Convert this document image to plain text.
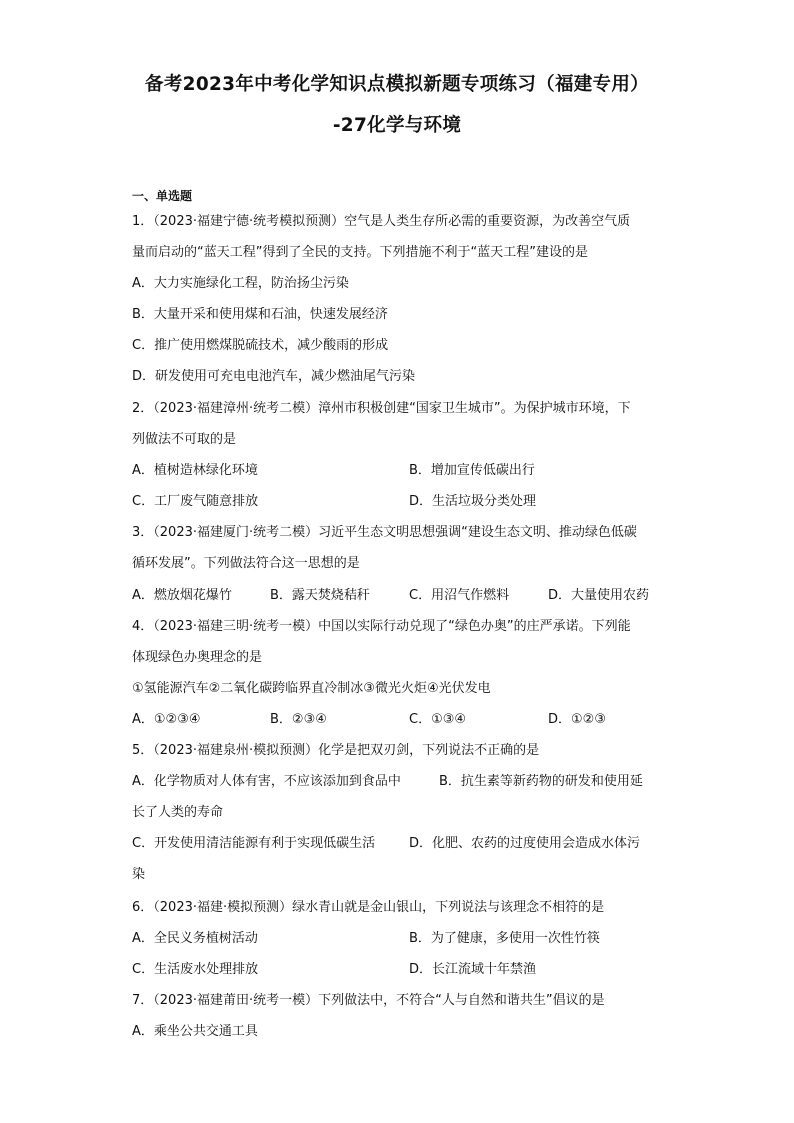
备考2023年中考化学知识点模拟新题专项练习（福建专用）
-27化学与环境
一、单选题
1．（2023·福建宁德·统考模拟预测）空气是人类生存所必需的重要资源，为改善空气质
量而启动的“蓝天工程”得到了全民的支持。下列措施不利于“蓝天工程”建设的是
A．大力实施绿化工程，防治扬尘污染
B．大量开采和使用煤和石油，快速发展经济
C．推广使用燃煤脱硫技术，减少酸雨的形成
D．研发使用可充电电池汽车，减少燃油尾气污染
2．（2023·福建漳州·统考二模）漳州市积极创建“国家卫生城市”。为保护城市环境，下
列做法不可取的是
A．植树造林绿化环境	B．增加宣传低碳出行
C．工厂废气随意排放	D．生活垃圾分类处理
3．（2023·福建厦门·统考二模）习近平生态文明思想强调“建设生态文明、推动绿色低碳
循环发展”。下列做法符合这一思想的是
A．燃放烟花爆竹	B．露天焚烧秸秆	C．用沼气作燃料	D．大量使用农药
4．（2023·福建三明·统考一模）中国以实际行动兑现了“绿色办奥”的庄严承诺。下列能
体现绿色办奥理念的是
①氢能源汽车②二氧化碳跨临界直冷制冰③微光火炬④光伏发电
A．①②③④	B．②③④	C．①③④	D．①②③
5．（2023·福建泉州·模拟预测）化学是把双刃剑，下列说法不正确的是
A．化学物质对人体有害，不应该添加到食品中	B．抗生素等新药物的研发和使用延
长了人类的寿命
C．开发使用清洁能源有利于实现低碳生活	D．化肥、农药的过度使用会造成水体污
染
6．（2023·福建·模拟预测）绿水青山就是金山银山，下列说法与该理念不相符的是
A．全民义务植树活动	B．为了健康，多使用一次性竹筷
C．生活废水处理排放	D．长江流域十年禁渔
7．（2023·福建莆田·统考一模）下列做法中，不符合“人与自然和谐共生”倡议的是
A．乘坐公共交通工具
